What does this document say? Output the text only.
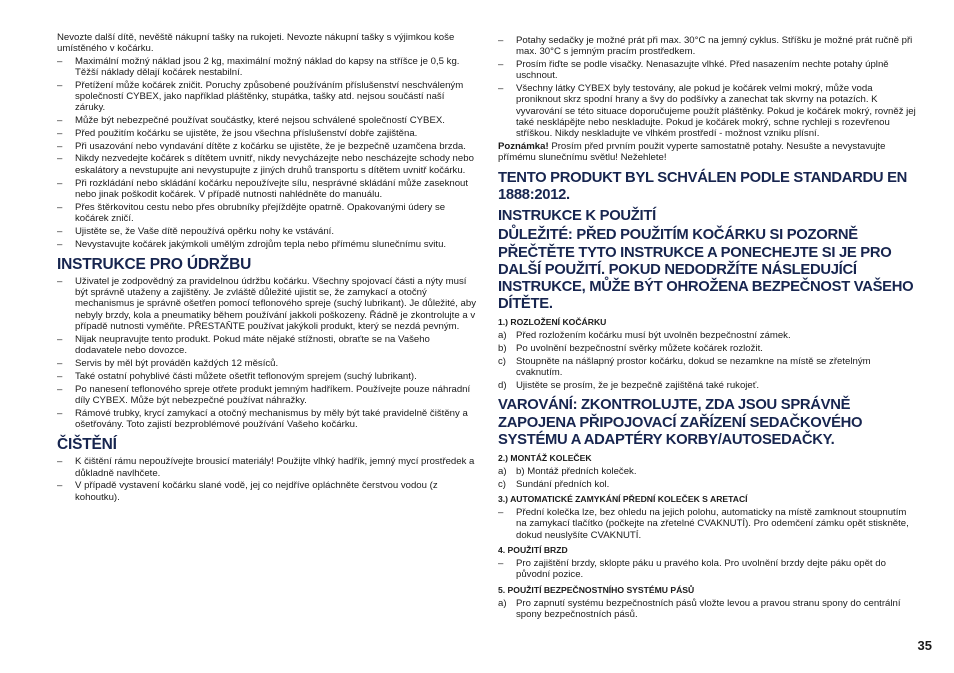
Nevozte další dítě, nevěště nákupní tašky na rukojeti. Nevozte nákupní tašky s výjimkou koše umístěného v kočárku.

– Maximální možný náklad jsou 2 kg, maximální možný náklad do kapsy na stříšce je 0,5 kg. Těžší náklady dělají kočárek nestabilní.
– Přetížení může kočárek zničit. Poruchy způsobené používáním příslušenství neschváleným společností CYBEX, jako například pláštěnky, stupátka, tašky atd. nejsou součástí naší záruky.
– Může být nebezpečné používat součástky, které nejsou schválené společností CYBEX.
– Před použitím kočárku se ujistěte, že jsou všechna příslušenství dobře zajištěna.
– Při usazování nebo vyndavání dítěte z kočárku se ujistěte, že je bezpečně uzamčena brzda.
– Nikdy nezvedejte kočárek s dítětem uvnitř, nikdy nevycházejte nebo nescházejte schody nebo eskalátory a nevstupujte ani nevystupujte z jiných druhů transportu s dítětem uvnitř kočárku.
– Při rozkládání nebo skládání kočárku nepoužívejte sílu, nesprávné skládání může zaseknout nebo jinak poškodit kočárek. V případě nutnosti nahlédněte do manuálu.
– Přes štěrkovitou cestu nebo přes obrubníky přejíždějte opatrně. Opakovanými údery se kočárek zničí.
– Ujistěte se, že Vaše dítě nepoužívá opěrku nohy ke vstávání.
– Nevystavujte kočárek jakýmkoli umělým zdrojům tepla nebo přímému slunečnímu svitu.
INSTRUKCE PRO ÚDRŽBU
– Uživatel je zodpovědný za pravidelnou údržbu kočárku. Všechny spojovací části a nýty musí být správně utaženy a zajištěny. Je zvláště důležité ujistit se, že zamykací a otočný mechanismus je správně ošetřen pomocí teflonového spreje (suchý lubrikant). Je důležité, aby nebyly brzdy, kola a pneumatiky během používání jakkoli poškozeny. Řádně je zkontrolujte a v případě nutnosti vyměňte. PŘESTAŇTE používat jakýkoli produkt, který se nezdá pevným.
– Nijak neupravujte tento produkt. Pokud máte nějaké stížnosti, obraťte se na Vašeho dodavatele nebo dovozce.
– Servis by měl být prováděn každých 12 měsíců.
– Také ostatní pohyblivé části můžete ošetřit teflonovým sprejem (suchý lubrikant).
– Po nanesení teflonového spreje otřete produkt jemným hadříkem. Používejte pouze náhradní díly CYBEX. Může být nebezpečné používat náhražky.
– Rámové trubky, krycí zamykací a otočný mechanismus by měly být také pravidelně čištěny a ošetřovány. Toto zajistí bezproblémové používání Vašeho kočárku.
ČIŠTĚNÍ
– K čištění rámu nepoužívejte brousicí materiály! Použijte vlhký hadřík, jemný mycí prostředek a důkladně navlhčete.
– V případě vystavení kočárku slané vodě, jej co nejdříve opláchněte čerstvou vodou (z kohoutku).
– Potahy sedačky je možné prát při max. 30°C na jemný cyklus. Stříšku je možné prát ručně při max. 30°C s jemným pracím prostředkem.
– Prosím řiďte se podle visačky. Nenasazujte vlhké. Před nasazením nechte potahy úplně uschnout.
– Všechny látky CYBEX byly testovány, ale pokud je kočárek velmi mokrý, může voda proniknout skrz spodní hrany a švy do podšívky a zanechat tak skvrny na potazích. K vyvarování se této situace doporučujeme použít pláštěnky. Pokud je kočárek mokrý, rovněž jej také nesklápějte nebo neskladujte. Pokud je kočárek mokrý, schne rychleji s rozevřenou stříškou. Nikdy neskladujte ve vlhkém prostředí - možnost vzniku plísní.

Poznámka! Prosím před prvním použit vyperte samostatně potahy. Nesušte a nevystavujte přímému slunečnímu světlu! Nežehlete!

TENTO PRODUKT BYL SCHVÁLEN PODLE STANDARDU EN 1888:2012.
INSTRUKCE K POUŽITÍ
DŮLEŽITÉ: PŘED POUŽITÍM KOČÁRKU SI POZORNĚ PŘEČTĚTE TYTO INSTRUKCE A PONECHEJTE SI JE PRO DALŠÍ POUŽITÍ. POKUD NEDODRŽÍTE NÁSLEDUJÍCÍ INSTRUKCE, MŮŽE BÝT OHROŽENA BEZPEČNOST VAŠEHO DÍTĚTE.
1.) ROZLOŽENÍ KOČÁRKU
a) Před rozložením kočárku musí být uvolněn bezpečnostní zámek.
b) Po uvolnění bezpečnostní svěrky můžete kočárek rozložit.
c) Stoupněte na nášlapný prostor kočárku, dokud se nezamkne na místě se zřetelným cvaknutím.
d) Ujistěte se prosím, že je bezpečně zajištěná také rukojeť.
VAROVÁNÍ: ZKONTROLUJTE, ZDA JSOU SPRÁVNĚ ZAPOJENA PŘIPOJOVACÍ ZAŘÍZENÍ SEDAČKOVÉHO SYSTÉMU A ADAPTÉRY KORBY/AUTOSEDAČKY.
2.) MONTÁŽ KOLEČEK
a) b) Montáž předních koleček.
c) Sundání předních kol.
3.) AUTOMATICKÉ ZAMYKÁNÍ PŘEDNÍ KOLEČEK S ARETACÍ
– Přední kolečka lze, bez ohledu na jejich polohu, automaticky na místě zamknout stoupnutím na zamykací tlačítko (počkejte na zřetelné CVAKNUTÍ). Pro odemčení zámku opět stiskněte, dokud neuslyšíte CVAKNUTÍ.
4. POUŽITÍ BRZD
– Pro zajištění brzdy, sklopte páku u pravého kola. Pro uvolnění brzdy dejte páku opět do původní pozice.
5. POUŽITÍ BEZPEČNOSTNÍHO SYSTÉMU PÁSŮ
a) Pro zapnutí systému bezpečnostních pásů vložte levou a pravou stranu spony do centrální spony bezpečnostních pásů.
35
